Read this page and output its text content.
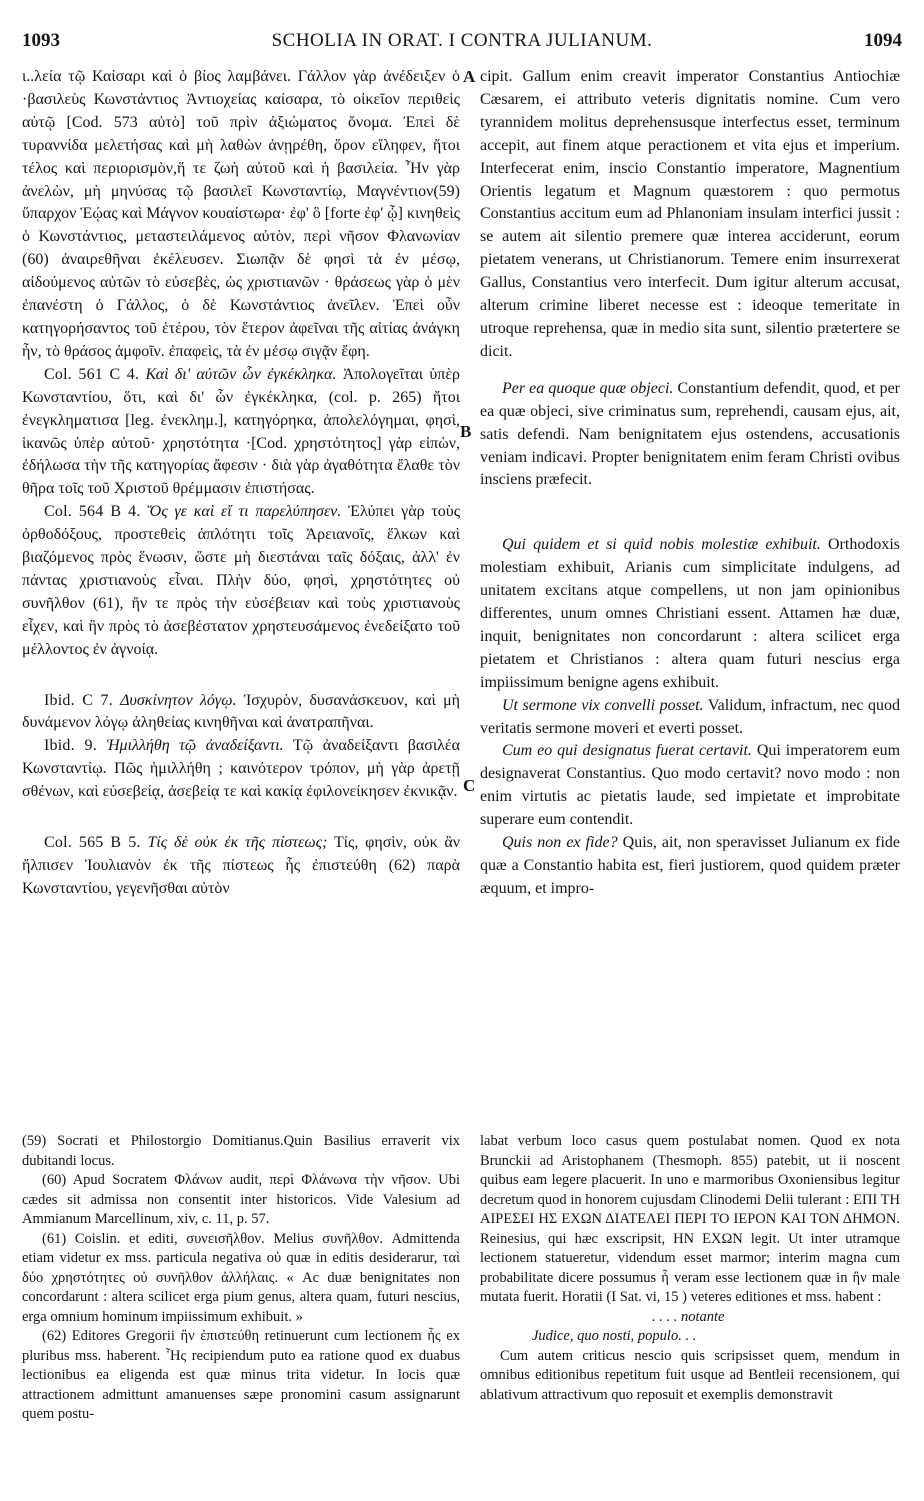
1093	SCHOLIA IN ORAT. I CONTRA JULIANUM.	1094
A
B
C

ι..λεία τῷ Καίσαρι καὶ ὁ βίος λαμβάνει. Γάλλον γὰρ ἀνέδειξεν ὁ ·βασιλεὺς Κωνστάντιος Ἀντιοχείας καίσαρα, τὸ οἰκεῖον περιθεὶς αὐτῷ [Cod. 573 αὐτὸ] τοῦ πρὶν ἀξιώματος ὄνομα. Ἐπεὶ δὲ τυραννίδα μελετήσας καὶ μὴ λαθὼν ἀνῃρέθη, ὅρον εἴληφεν, ἤτοι τέλος καὶ περιορισμὸν,ἥ τε ζωὴ αὐτοῦ καὶ ἡ βασιλεία. Ἦν γὰρ ἀνελὼν, μὴ μηνύσας τῷ βασιλεῖ Κωνσταντίῳ, Μαγνέντιον(59) ὕπαρχον Ἑῴας καὶ Μάγνον κουαίστωρα· ἐφ' ὃ [forte ἐφ' ᾧ] κινηθεὶς ὁ Κωνστάντιος, μεταστειλάμενος αὐτὸν, περὶ νῆσον Φλανωνίαν (60) ἀναιρεθῆναι ἐκέλευσεν. Σιωπᾷν δὲ φησὶ τὰ ἐν μέσῳ, αἰδούμενος αὐτῶν τὸ εὐσεβὲς, ὡς χριστιανῶν · θράσεως γὰρ ὁ μὲν ἐπανέστη ὁ Γάλλος, ὁ δὲ Κωνστάντιος ἀνεῖλεν. Ἐπεὶ οὖν κατηγορήσαντος τοῦ ἑτέρου, τὸν ἕτερον ἀφεῖναι τῆς αἰτίας ἀνάγκη ἦν, τὸ θράσος ἀμφοῖν. ἐπαφεὶς, τὰ ἐν μέσῳ σιγᾷν ἔφη.

Col. 561 C 4. Καὶ δι' αὐτῶν ὧν ἐγκέκληκα. Ἀπολογεῖται ὑπὲρ Κωνσταντίου, ὅτι, καὶ δι' ὧν ἐγκέκληκα, (col. p. 265) ἤτοι ἐνεγκληματισα [leg. ἐνεκλημ.], κατηγόρηκα, ἀπολελόγημαι, φησὶ, ἱκανῶς ὑπὲρ αὐτοῦ· χρηστότητα ·[Cod. χρηστότητος] γὰρ εἰπὼν, ἐδήλωσα τὴν τῆς κατηγορίας ἄφεσιν · διὰ γὰρ ἀγαθότητα ἔλαθε τὸν θῆρα τοῖς τοῦ Χριστοῦ θρέμμασιν ἐπιστήσας.

Col. 564 B 4. Ὅς γε καὶ εἴ τι παρελύπησεν. Ἐλύπει γὰρ τοὺς ὀρθοδόξους, προστεθεὶς ἁπλότητι τοῖς Ἀρειανοῖς, ἕλκων καὶ βιαζόμενος πρὸς ἕνωσιν, ὥστε μὴ διεστάναι ταῖς δόξαις, ἀλλ' ἐν πάντας χριστιανοὺς εἶναι. Πλὴν δύο, φησὶ, χρηστότητες οὐ συνῆλθον (61), ἥν τε πρὸς τὴν εὐσέβειαν καὶ τοὺς χριστιανοὺς εἶχεν, καὶ ἣν πρὸς τὸ ἀσεβέστατον χρηστευσάμενος ἐνεδείξατο τοῦ μέλλοντος ἐν ἀγνοίᾳ.

Ibid. C 7. Δυσκίνητον λόγῳ. Ἰσχυρὸν, δυσανάσκευον, καὶ μὴ δυνάμενον λόγῳ ἀληθείας κινηθῆναι καὶ ἀνατραπῆναι.

Ibid. 9. Ἡμιλλήθη τῷ ἀναδείξαντι. Τῷ ἀναδείξαντι βασιλέα Κωνσταντίῳ. Πῶς ἡμιλλήθη ; καινότερον τρόπον, μὴ γὰρ ἀρετῇ σθένων, καὶ εὐσεβείᾳ, ἀσεβείᾳ τε καὶ κακίᾳ ἐφιλονείκησεν ἐκνικᾷν.

Col. 565 B 5. Τίς δὲ οὐκ ἐκ τῆς πίστεως; Τίς, φησὶν, οὐκ ἂν ἤλπισεν Ἰουλιανὸν ἐκ τῆς πίστεως ἧς ἐπιστεύθη (62) παρὰ Κωνσταντίου, γεγενῆσθαι αὐτὸν

cipit. Gallum enim creavit imperator Constantius Antiochiæ Cæsarem, ei attributo veteris dignitatis nomine. Cum vero tyrannidem molitus deprehensusque interfectus esset, terminum accepit, aut finem atque peractionem et vita ejus et imperium. Interfecerat enim, inscio Constantio imperatore, Magnentium Orientis legatum et Magnum quæstorem : quo permotus Constantius accitum eum ad Phlanoniam insulam interfici jussit : se autem ait silentio premere quæ interea acciderunt, eorum pietatem venerans, ut Christianorum. Temere enim insurrexerat Gallus, Constantius vero interfecit. Dum igitur alterum accusat, alterum crimine liberet necesse est : ideoque temeritate in utroque reprehensa, quæ in medio sita sunt, silentio prætertere se dicit.

Per ea quoque quæ objeci. Constantium defendit, quod, et per ea quæ objeci, sive criminatus sum, reprehendi, causam ejus, ait, satis defendi. Nam benignitatem ejus ostendens, accusationis veniam indicavi. Propter benignitatem enim feram Christi ovibus insciens præfecit.

Qui quidem et si quid nobis molestiæ exhibuit. Orthodoxis molestiam exhibuit, Arianis cum simplicitate indulgens, ad unitatem excitans atque compellens, ut non jam opinionibus differentes, unum omnes Christiani essent. Attamen hæ duæ, inquit, benignitates non concordarunt : altera scilicet erga pietatem et Christianos : altera quam futuri nescius erga impiissimum benigne agens exhibuit.

Ut sermone vix convelli posset. Validum, infractum, nec quod veritatis sermone moveri et everti posset.

Cum eo qui designatus fuerat certavit. Qui imperatorem eum designaverat Constantius. Quo modo certavit? novo modo : non enim virtutis ac pietatis laude, sed impietate et improbitate superare eum contendit.

Quis non ex fide? Quis, ait, non speravisset Julianum ex fide quæ a Constantio habita est, fieri justiorem, quod quidem præter æquum, et impro-

(59) Socrati et Philostorgio Domitianus.Quin Basilius erraverit vix dubitandi locus.

(60) Apud Socratem Φλάνων audit, περὶ Φλάνωνα τὴν νῆσον. Ubi cædes sit admissa non consentit inter historicos. Vide Valesium ad Ammianum Marcellinum, xiv, c. 11, p. 57.

(61) Coislin. et editi, συνεισῆλθον. Melius συνῆλθον. Admittenda etiam videtur ex mss. particula negativa οὐ quæ in editis desiderarur, ταὶ δύο χρηστότητες οὐ συνῆλθον ἀλλήλαις. « Ac duæ benignitates non concordarunt : altera scilicet erga pium genus, altera quam, futuri nescius, erga omnium hominum impiissimum exhibuit. »

(62) Editores Gregorii ἣν ἐπιστεύθη retinuerunt cum lectionem ἧς ex pluribus mss. haberent. Ἧς recipiendum puto ea ratione quod ex duabus lectionibus ea eligenda est quæ minus trita videtur. In locis quæ attractionem admittunt amanuenses sæpe pronomini casum assignarunt quem postu-

labat verbum loco casus quem postulabat nomen. Quod ex nota Brunckii ad Aristophanem (Thesmoph. 855) patebit, ut ii noscent quibus eam legere placuerit. In uno e marmoribus Oxoniensibus legitur decretum quod in honorem cujusdam Clinodemi Delii tulerant : ΕΠΙ ΤΗ ΑΙΡΕΣΕΙ ΗΣ ΕΧΩΝ ΔΙΑΤΕΛΕΙ ΠΕΡΙ ΤΟ ΙΕΡΟΝ ΚΑΙ ΤΟΝ ΔΗΜΟΝ. Reinesius, qui hæc exscripsit, ΗΝ ΕΧΩΝ legit. Ut inter utramque lectionem statueretur, videndum esset marmor; interim magna cum probabilitate dicere possumus ἧ veram esse lectionem quæ in ἣν male mutata fuerit. Horatii (I Sat. vi, 15 ) veteres editiones et mss. habent :

. . . . notante

Judice, quo nosti, populo. . .

Cum autem criticus nescio quis scripsisset quem, mendum in omnibus editionibus repetitum fuit usque ad Bentleii recensionem, qui ablativum attractivum quo reposuit et exemplis demonstravit
